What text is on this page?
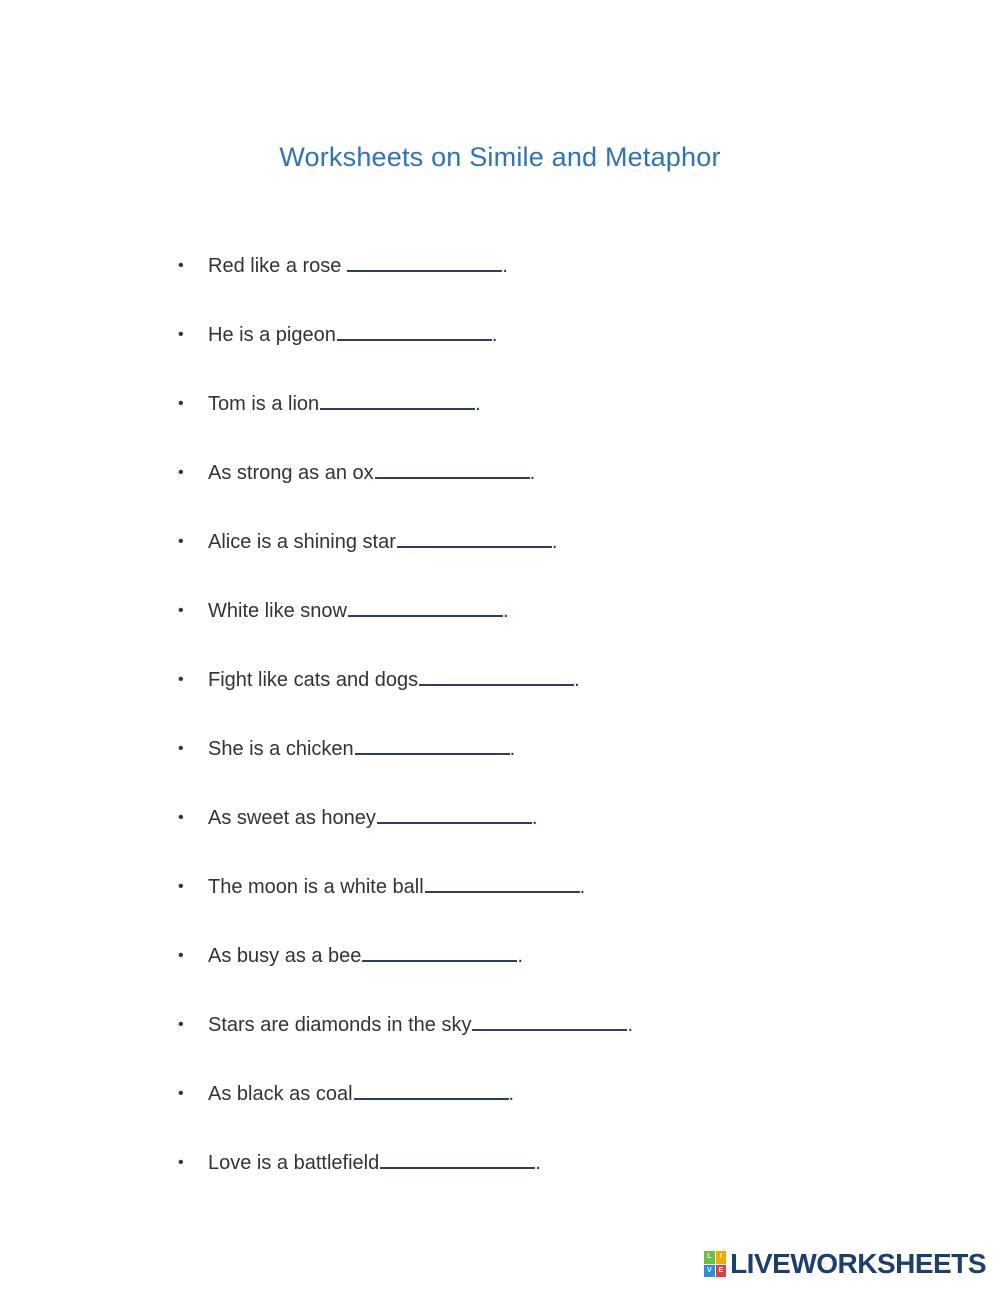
Worksheets on Simile and Metaphor
•	Red like a rose	.
•	He is a pigeon	.
•	Tom is a lion	.
•	As strong as an ox	.
•	Alice is a shining star	.
•	White like snow	.
•	Fight like cats and dogs	.
•	She is a chicken	.
•	As sweet as honey	.
•	The moon is a white ball	.
•	As busy as a bee	.
•	Stars are diamonds in the sky	.
•	As black as coal	.
•	Love is a battlefield	.
L	I
V E LIVEWORKSHEETS
